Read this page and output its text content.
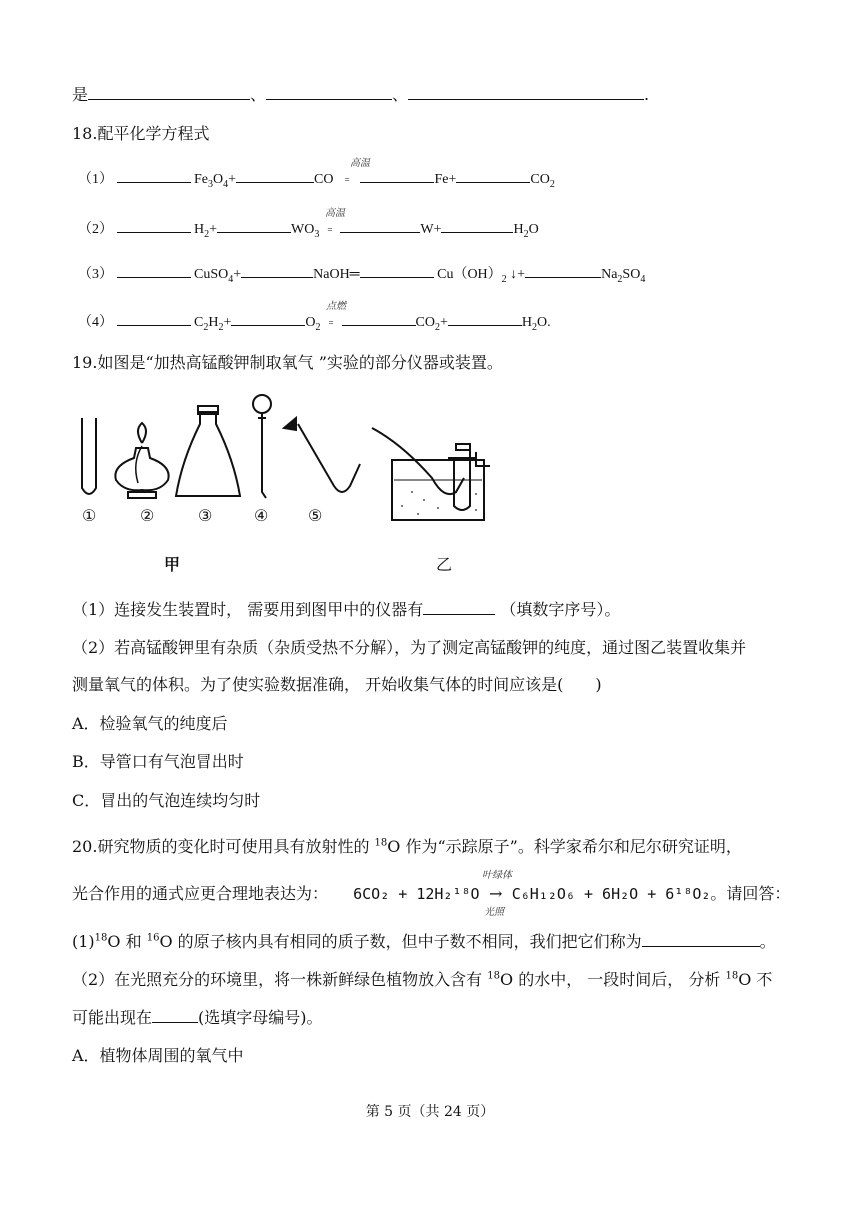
是	、	、	.
18.配平化学方程式
高温
（1）	$Fe_3O_4+$	CO =	Fe+	$CO_2$
高温
（2）	$H_2+$	$WO_3$ =	W+	$H_2O$
（3）	CuSO$_4$+	NaOH═	$Cu(OH)_2$ ↓+	$Na_2SO_4$
点燃
（4）	$C_2H_2+$	$O_2$ =	$CO_2+$	$H_2O$.
19.如图是“加热高锰酸钾制取氧气 ”实验的部分仪器或装置。
①	②	③	④ ⑤
甲	乙
（1）连接发生装置时， 需要用到图甲中的仪器有	（填数字序号）。
（2）若高锰酸钾里有杂质（杂质受热不分解），为了测定高锰酸钾的纯度，通过图乙装置收集并
测量氧气的体积。为了使实验数据准确， 开始收集气体的时间应该是(　　)
A．检验氧气的纯度后
B．导管口有气泡冒出时
C．冒出的气泡连续均匀时
20.研究物质的变化时可使用具有放射性的 $^{18}$O 作为“示踪原子”。科学家希尔和尼尔研究证明，
叶绿体
光合作用的通式应更合理地表达为： 6CO₂ + 12H₂¹⁸O → C₆H₁₂O₆ + 6H₂O + 6¹⁸O₂。请回答：
光照
$(1)^{18}O$ 和 $^{16}$O 的原子核内具有相同的质子数，但中子数不相同，我们把它们称为	。
（2）在光照充分的环境里，将一株新鲜绿色植物放入含有 $^{18}$O 的水中， 一段时间后， 分析 $^{18}$O 不
可能出现在	(选填字母编号)。
A．植物体周围的氧气中
第 5 页（共 24 页）
